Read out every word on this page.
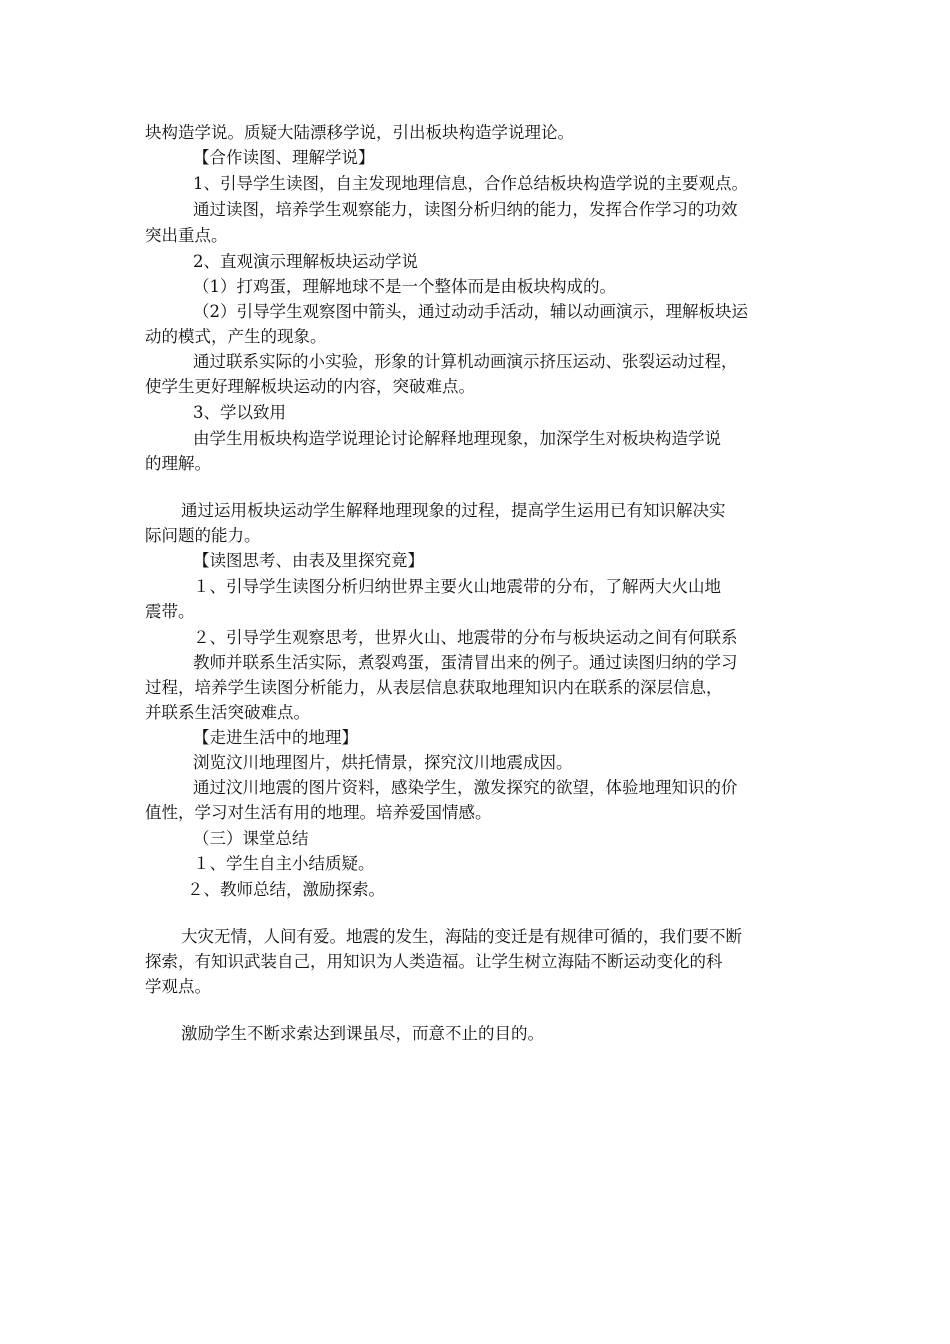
块构造学说。质疑大陆漂移学说，引出板块构造学说理论。
【合作读图、理解学说】
1、引导学生读图，自主发现地理信息，合作总结板块构造学说的主要观点。
通过读图，培养学生观察能力，读图分析归纳的能力，发挥合作学习的功效
突出重点。
2、直观演示理解板块运动学说
（1）打鸡蛋，理解地球不是一个整体而是由板块构成的。
（2）引导学生观察图中箭头，通过动动手活动，辅以动画演示，理解板块运
动的模式，产生的现象。
通过联系实际的小实验，形象的计算机动画演示挤压运动、张裂运动过程，
使学生更好理解板块运动的内容，突破难点。
3、学以致用
由学生用板块构造学说理论讨论解释地理现象，加深学生对板块构造学说
的理解。
通过运用板块运动学生解释地理现象的过程，提高学生运用已有知识解决实
际问题的能力。
【读图思考、由表及里探究竟】
１、引导学生读图分析归纳世界主要火山地震带的分布，了解两大火山地
震带。
２、引导学生观察思考，世界火山、地震带的分布与板块运动之间有何联系
教师并联系生活实际，煮裂鸡蛋，蛋清冒出来的例子。通过读图归纳的学习
过程，培养学生读图分析能力，从表层信息获取地理知识内在联系的深层信息，
并联系生活突破难点。
【走进生活中的地理】
浏览汶川地理图片，烘托情景，探究汶川地震成因。
通过汶川地震的图片资料，感染学生，激发探究的欲望，体验地理知识的价
值性，学习对生活有用的地理。培养爱国情感。
（三）课堂总结
１、学生自主小结质疑。
２、教师总结，激励探索。
大灾无情，人间有爱。地震的发生，海陆的变迁是有规律可循的，我们要不断
探索，有知识武装自己，用知识为人类造福。让学生树立海陆不断运动变化的科
学观点。
激励学生不断求索达到课虽尽，而意不止的目的。
